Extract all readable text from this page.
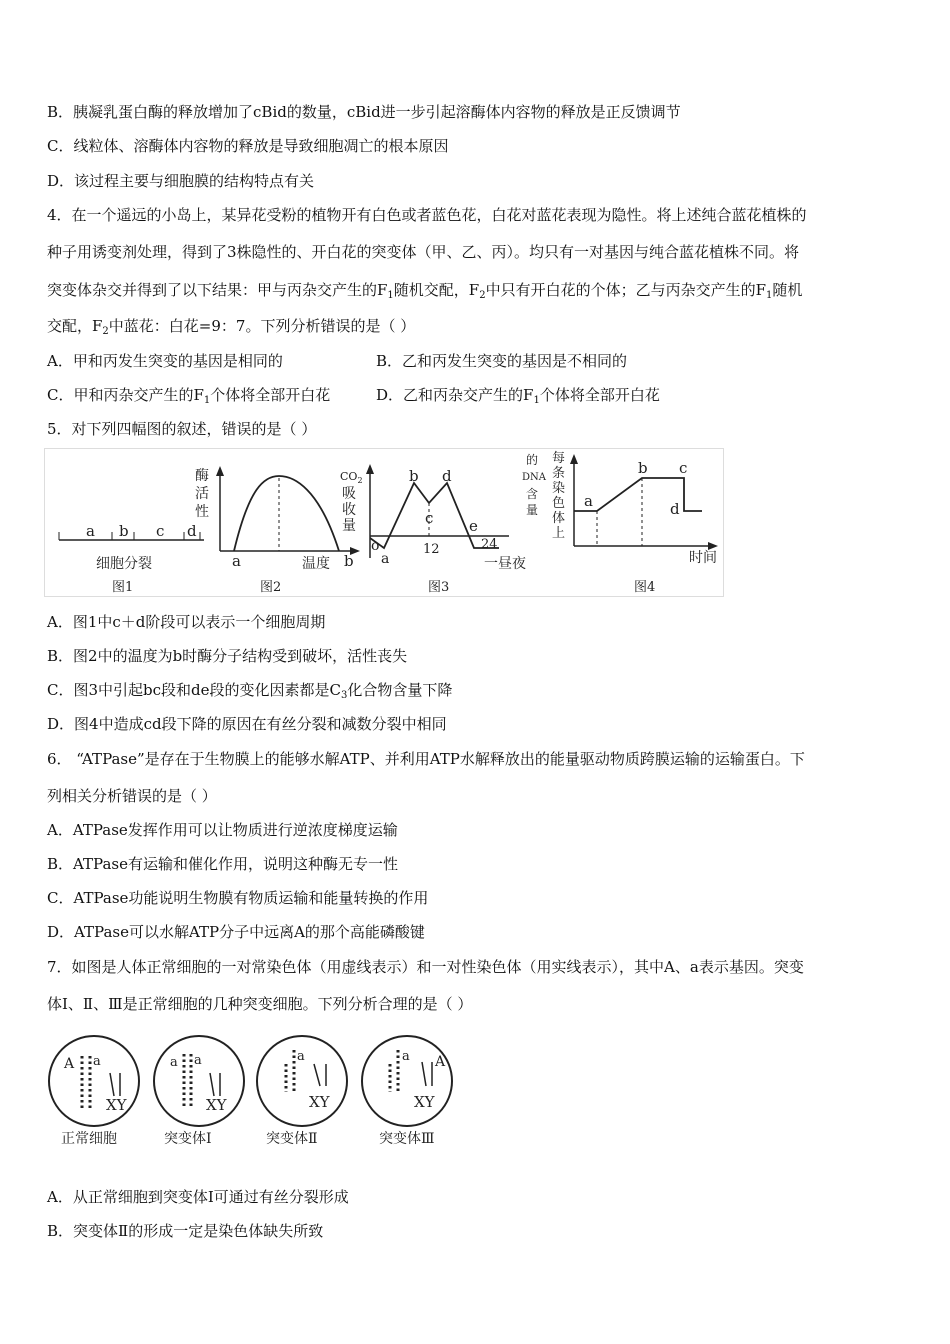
B．胰凝乳蛋白酶的释放增加了cBid的数量，cBid进一步引起溶酶体内容物的释放是正反馈调节
C．线粒体、溶酶体内容物的释放是导致细胞凋亡的根本原因
D．该过程主要与细胞膜的结构特点有关
4．在一个遥远的小岛上，某异花受粉的植物开有白色或者蓝色花，白花对蓝花表现为隐性。将上述纯合蓝花植株的
种子用诱变剂处理，得到了3株隐性的、开白花的突变体（甲、乙、丙）。均只有一对基因与纯合蓝花植株不同。将
突变体杂交并得到了以下结果：甲与丙杂交产生的$F_1$随机交配，$F_2$中只有开白花的个体；乙与丙杂交产生的$F_1$随机
交配，$F_2$中蓝花：白花=9：7。下列分析错误的是（ ）
A．甲和丙发生突变的基因是相同的	B．乙和丙发生突变的基因是不相同的
C．甲和丙杂交产生的$F_1$个体将全部开白花	D．乙和丙杂交产生的$F_1$个体将全部开白花
5．对下列四幅图的叙述，错误的是（ ）
a b c d
细胞分裂
图1
酶
活
性
a	b
温度
图2
$CO_2$
吸
收
量
o
a
b
c
d
e
12	24
一昼夜
图3
的
DNA
含
量
每
条
染
色
体
上
a
b c
d
时间
图4
A．图1中c＋d阶段可以表示一个细胞周期
B．图2中的温度为b时酶分子结构受到破坏，活性丧失
C．图3中引起bc段和de段的变化因素都是$C_3$化合物含量下降
D．图4中造成cd段下降的原因在有丝分裂和减数分裂中相同
6． “ATPase”是存在于生物膜上的能够水解ATP、并利用ATP水解释放出的能量驱动物质跨膜运输的运输蛋白。下
列相关分析错误的是（ ）
A．ATPase发挥作用可以让物质进行逆浓度梯度运输
B．ATPase有运输和催化作用，说明这种酶无专一性
C．ATPase功能说明生物膜有物质运输和能量转换的作用
D．ATPase可以水解ATP分子中远离A的那个高能磷酸键
7．如图是人体正常细胞的一对常染色体（用虚线表示）和一对性染色体（用实线表示），其中A、a表示基因。突变
体Ⅰ、Ⅱ、Ⅲ是正常细胞的几种突变细胞。下列分析合理的是（ ）
A a
XY
正常细胞
a a
XY
突变体Ⅰ
a
XY
突变体Ⅱ
a A
XY
突变体Ⅲ
A．从正常细胞到突变体Ⅰ可通过有丝分裂形成
B．突变体Ⅱ的形成一定是染色体缺失所致
